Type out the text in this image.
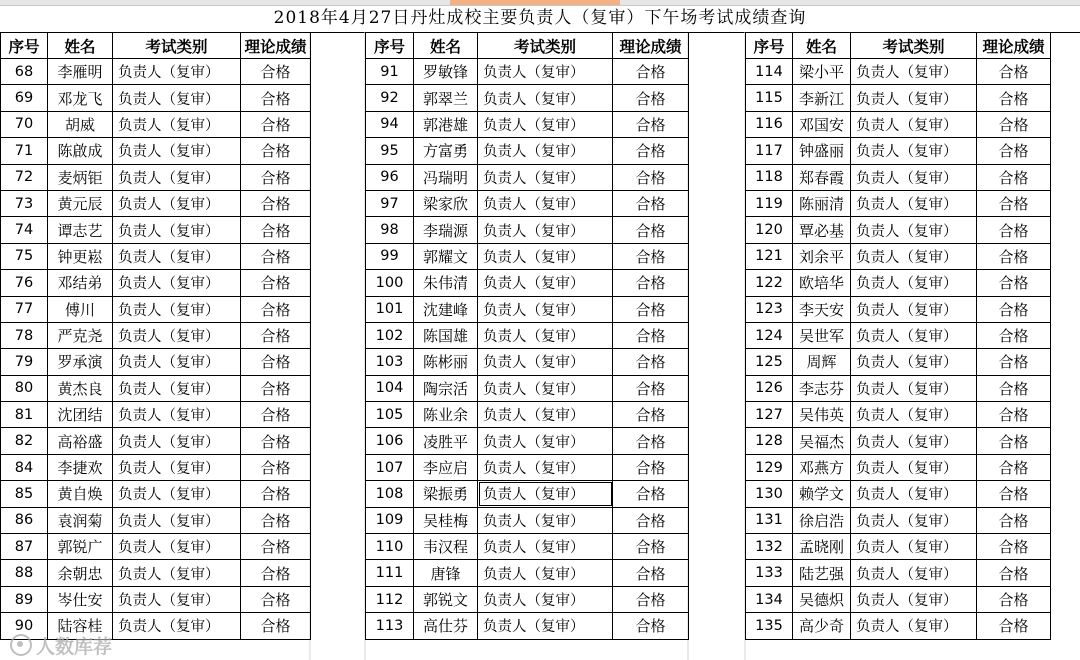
2018年4月27日丹灶成校主要负责人（复审）下午场考试成绩查询
序号	姓名	考试类别	理论成绩
68	李雁明	负责人（复审）	合格
69	邓龙飞	负责人（复审）	合格
70	胡威	负责人（复审）	合格
71	陈啟成	负责人（复审）	合格
72	麦炳钜	负责人（复审）	合格
73	黄元辰	负责人（复审）	合格
74	谭志艺	负责人（复审）	合格
75	钟更崧	负责人（复审）	合格
76	邓结弟	负责人（复审）	合格
77	傅川	负责人（复审）	合格
78	严克尧	负责人（复审）	合格
79	罗承演	负责人（复审）	合格
80	黄杰良	负责人（复审）	合格
81	沈团结	负责人（复审）	合格
82	高裕盛	负责人（复审）	合格
84	李捷欢	负责人（复审）	合格
85	黄自焕	负责人（复审）	合格
86	袁润菊	负责人（复审）	合格
87	郭锐广	负责人（复审）	合格
88	余朝忠	负责人（复审）	合格
89	岑仕安	负责人（复审）	合格
90	陆容桂	负责人（复审）	合格
序号	姓名	考试类别	理论成绩
91	罗敏锋	负责人（复审）	合格
92	郭翠兰	负责人（复审）	合格
94	郭港雄	负责人（复审）	合格
95	方富勇	负责人（复审）	合格
96	冯瑞明	负责人（复审）	合格
97	梁家欣	负责人（复审）	合格
98	李瑞源	负责人（复审）	合格
99	郭耀文	负责人（复审）	合格
100	朱伟清	负责人（复审）	合格
101	沈建峰	负责人（复审）	合格
102	陈国雄	负责人（复审）	合格
103	陈彬丽	负责人（复审）	合格
104	陶宗活	负责人（复审）	合格
105	陈业余	负责人（复审）	合格
106	凌胜平	负责人（复审）	合格
107	李应启	负责人（复审）	合格
108	梁振勇	负责人（复审）	合格
109	吴桂梅	负责人（复审）	合格
110	韦汉程	负责人（复审）	合格
111	唐锋	负责人（复审）	合格
112	郭锐文	负责人（复审）	合格
113	高仕芬	负责人（复审）	合格
序号	姓名	考试类别	理论成绩
114	梁小平	负责人（复审）	合格
115	李新江	负责人（复审）	合格
116	邓国安	负责人（复审）	合格
117	钟盛丽	负责人（复审）	合格
118	郑春霞	负责人（复审）	合格
119	陈丽清	负责人（复审）	合格
120	覃必基	负责人（复审）	合格
121	刘余平	负责人（复审）	合格
122	欧培华	负责人（复审）	合格
123	李天安	负责人（复审）	合格
124	吴世军	负责人（复审）	合格
125	周辉	负责人（复审）	合格
126	李志芬	负责人（复审）	合格
127	吴伟英	负责人（复审）	合格
128	吴福杰	负责人（复审）	合格
129	邓燕方	负责人（复审）	合格
130	赖学文	负责人（复审）	合格
131	徐启浩	负责人（复审）	合格
132	孟晓刚	负责人（复审）	合格
133	陆艺强	负责人（复审）	合格
134	吴德炽	负责人（复审）	合格
135	高少奇	负责人（复审）	合格
人数库荐
